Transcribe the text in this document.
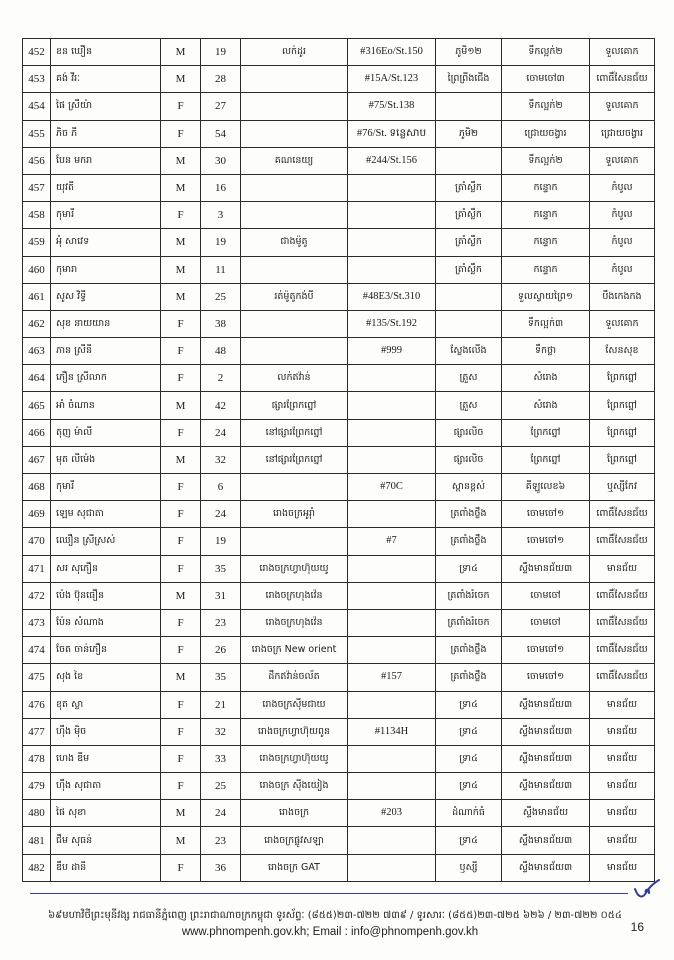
452	ខន ឃឿន	M	19	លក់ដូរ	#316Eo/St.150	ភូមិ១២	ទឹកល្អក់២	ទួលគោក
453	គង់ វីរៈ	M	28		#15A/St.123	ព្រៃព្រីងជើង	ចោមចៅ៣	ពោធិ៍សែនជ័យ
454	ផៃ ស្រីយ៉ា	F	27		#75/St.138		ទឹកល្អក់២	ទួលគោក
455	ភិច ភី	F	54		#76/St. ទន្លេសាប	ភូមិ២	ជ្រោយចង្វារ	ជ្រោយចង្វារ
456	បែន មករា	M	30	គណនេយ្យ	#244/St.156		ទឹកល្អក់២	ទួលគោក
457	យុវតី	M	16			ត្រាំស្លឹក	កន្ទោក	កំបូល
458	កុមារី	F	3			ត្រាំស្លឹក	កន្ទោក	កំបូល
459	អុំ សាវេទ	M	19	ជាងម៉ូតូ		ត្រាំស្លឹក	កន្ទោក	កំបូល
460	កុមារា	M	11			ត្រាំស្លឹក	កន្ទោក	កំបូល
461	សូស វិទ្ធី	M	25	រត់ម៉ូតូកង់បី	#48E3/St.310		ទួលស្វាយព្រៃ១	បឹងកេងកង
462	សុខ នាយយាន	F	38		#135/St.192		ទឹកល្អក់៣	ទួលគោក
463	ភាន ស្រីនី	F	48		#999	ស្លែងលើង	ទឹកថ្លា	សែនសុខ
464	ភឿន ស្រីលាក	F	2	លក់ឥវ៉ាន់		ត្រួស	សំរោង	ព្រែកព្នៅ
465	អាំ ចំណាន	M	42	ផ្សារព្រែកព្នៅ		ត្រួស	សំរោង	ព្រែកព្នៅ
466	តុញ ម៉ាលី	F	24	នៅផ្សារព្រែកព្នៅ		ផ្សារលិច	ព្រែកព្នៅ	ព្រែកព្នៅ
467	មុត លីម៉េង	M	32	នៅផ្សារព្រែកព្នៅ		ផ្សារលិច	ព្រែកព្នៅ	ព្រែកព្នៅ
468	កុមារី	F	6		#70C	ស្ពានខ្ពស់	គីឡូលេខ៦	ឬស្សីកែវ
469	ឡេម សុជាតា	F	24	រោងចក្រអូរ៉ាំ		ត្រពាំងថ្លឹង	ចោមចៅ១	ពោធិ៍សែនជ័យ
470	ឈឿន ស្រីស្រស់	F	19		#7	ត្រពាំងថ្លឹង	ចោមចៅ១	ពោធិ៍សែនជ័យ
471	សរ សុភឿន	F	35	រោងចក្រហ្វាហ៊ុយយូ		ទ្រា៤	ស្ទឹងមានជ័យ៣	មានជ័យ
472	ប៉េង ប៊ុនធឿន	M	31	រោងចក្រហុងវ៉េន		ត្រពាំងរំចេក	ចោមចៅ	ពោធិ៍សែនជ័យ
473	ប៉ែន សំណាង	F	23	រោងចក្រហុងវ៉េន		ត្រពាំងរំចេក	ចោមចៅ	ពោធិ៍សែនជ័យ
474	ចែត ចាន់ភឿន	F	26	រោងចក្រ New orient		ត្រពាំងថ្លឹង	ចោមចៅ១	ពោធិ៍សែនជ័យ
475	សុង ខៃ	M	35	ដឹកឥវ៉ាន់ចល័ត	#157	ត្រពាំងថ្លឹង	ចោមចៅ១	ពោធិ៍សែនជ័យ
476	ខុត ស្លា	F	21	រោងចក្រស៊ីមជាយ		ទ្រា៤	ស្ទឹងមានជ័យ៣	មានជ័យ
477	ហ៊ឹង ម៉ិច	F	32	រោងចក្រហ្វាហ៊ុយពូន	#1134H	ទ្រា៤	ស្ទឹងមានជ័យ៣	មានជ័យ
478	ហេង ឌីម	F	33	រោងចក្រហ្វាហ៊ុយយូ		ទ្រា៤	ស្ទឹងមានជ័យ៣	មានជ័យ
479	ហ៊ឹង សុជាតា	F	25	រោងចក្រ ស៊ីងយៀង		ទ្រា៤	ស្ទឹងមានជ័យ៣	មានជ័យ
480	ផៃ សុខា	M	24	រោងចក្រ	#203	ដំណាក់ធំ	ស្ទឹងមានជ័យ	មានជ័យ
481	ជឹម សុធន់	M	23	រោងចក្រផ្លូវសឡា		ទ្រា៤	ស្ទឹងមានជ័យ៣	មានជ័យ
482	ឌឹប ដានី	F	36	រោងចក្រ GAT		ឫស្សី	ស្ទឹងមានជ័យ៣	មានជ័យ
៦៩មហាវិថីព្រះមុនីវង្ស រាជធានីភ្នំពេញ ព្រះរាជាណាចក្រកម្ពុជា ទូរស័ព្ទៈ (៨៥៥)២៣-៧២២ ៧៣៩ / ទូរសារៈ (៨៥៥)២៣-៧២៥ ៦២៦ / ២៣-៧២២ ០៥៤
www.phnompenh.gov.kh; Email : info@phnompenh.gov.kh	16
